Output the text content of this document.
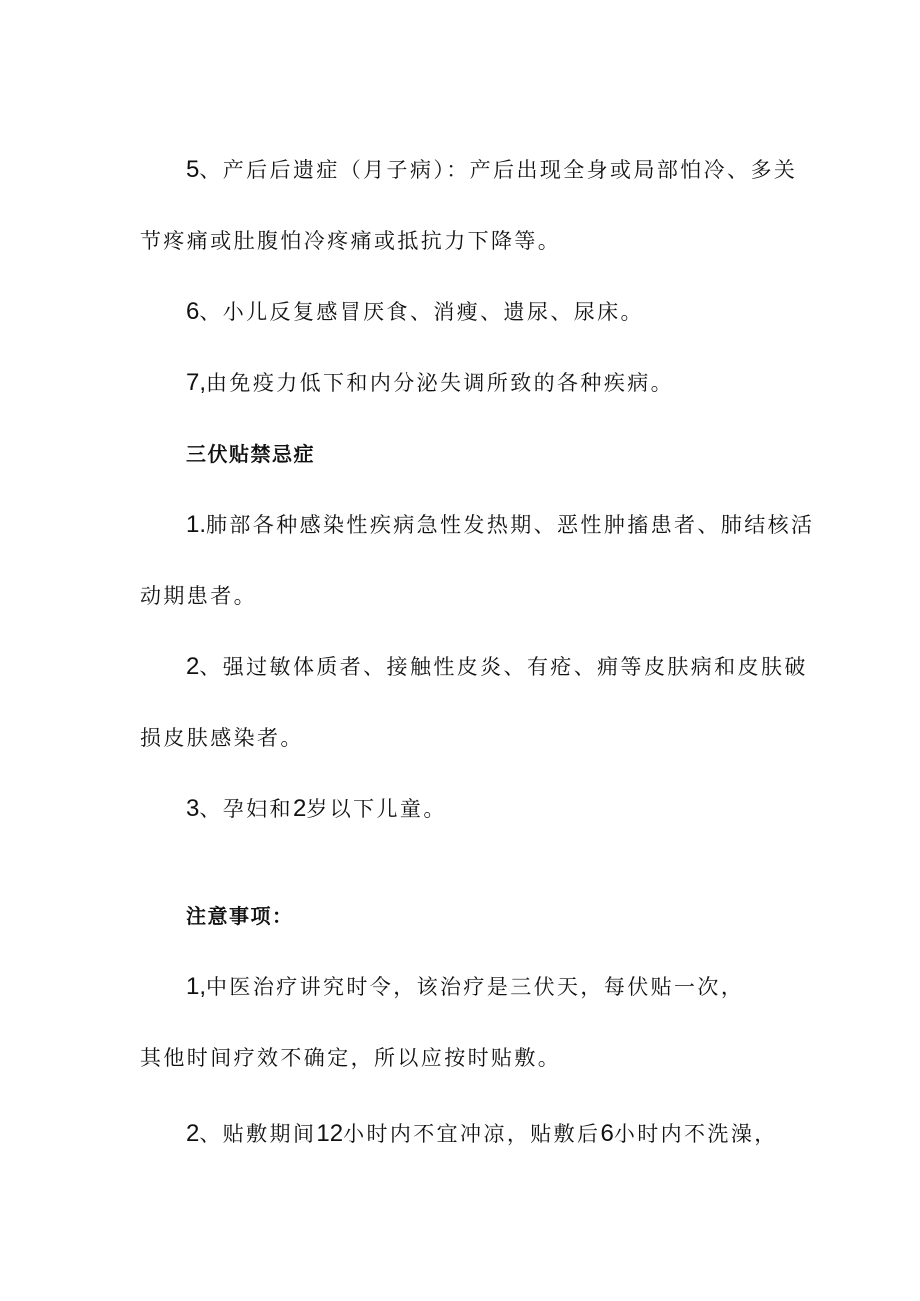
5、产后后遗症（月子病）：产后出现全身或局部怕冷、多关
节疼痛或肚腹怕冷疼痛或抵抗力下降等。
6、小儿反复感冒厌食、消瘦、遗尿、尿床。
7,由免疫力低下和内分泌失调所致的各种疾病。
三伏贴禁忌症
1.肺部各种感染性疾病急性发热期、恶性肿搐患者、肺结核活
动期患者。
2、强过敏体质者、接触性皮炎、有疮、痈等皮肤病和皮肤破
损皮肤感染者。
3、孕妇和2岁以下儿童。
注意事项：
1,中医治疗讲究时令，该治疗是三伏天，每伏贴一次，
其他时间疗效不确定，所以应按时贴敷。
2、贴敷期间12小时内不宜冲凉，贴敷后6小时内不洗澡，
